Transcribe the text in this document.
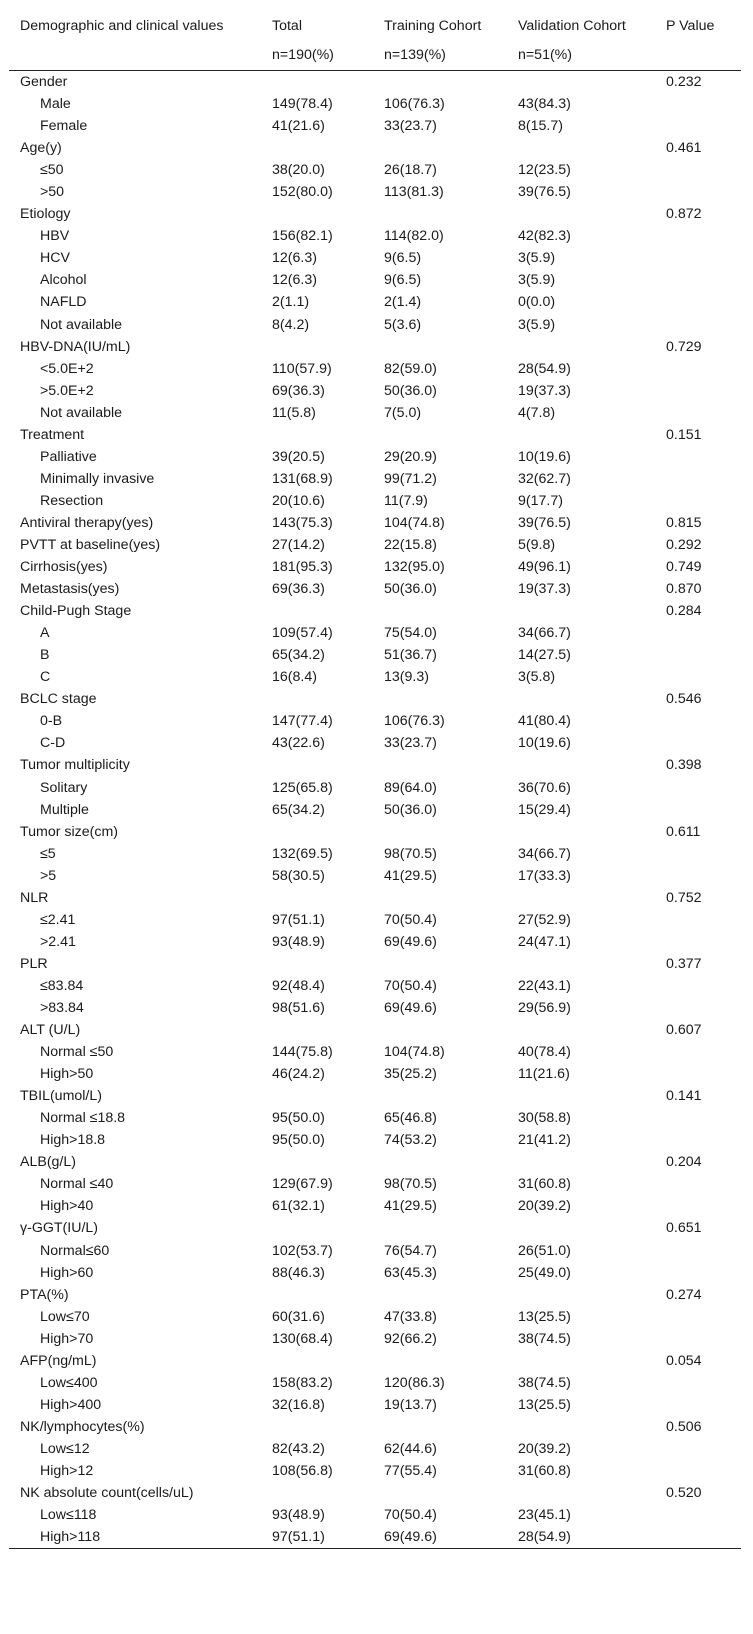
Demographic and clinical values	Total	Training Cohort	Validation Cohort	P Value
	n=190(%)	n=139(%)	n=51(%)	
Gender				0.232
Male	149(78.4)	106(76.3)	43(84.3)	
Female	41(21.6)	33(23.7)	8(15.7)	
Age(y)				0.461
≤50	38(20.0)	26(18.7)	12(23.5)	
>50	152(80.0)	113(81.3)	39(76.5)	
Etiology				0.872
HBV	156(82.1)	114(82.0)	42(82.3)	
HCV	12(6.3)	9(6.5)	3(5.9)	
Alcohol	12(6.3)	9(6.5)	3(5.9)	
NAFLD	2(1.1)	2(1.4)	0(0.0)	
Not available	8(4.2)	5(3.6)	3(5.9)	
HBV-DNA(IU/mL)				0.729
<5.0E+2	110(57.9)	82(59.0)	28(54.9)	
>5.0E+2	69(36.3)	50(36.0)	19(37.3)	
Not available	11(5.8)	7(5.0)	4(7.8)	
Treatment				0.151
Palliative	39(20.5)	29(20.9)	10(19.6)	
Minimally invasive	131(68.9)	99(71.2)	32(62.7)	
Resection	20(10.6)	11(7.9)	9(17.7)	
Antiviral therapy(yes)	143(75.3)	104(74.8)	39(76.5)	0.815
PVTT at baseline(yes)	27(14.2)	22(15.8)	5(9.8)	0.292
Cirrhosis(yes)	181(95.3)	132(95.0)	49(96.1)	0.749
Metastasis(yes)	69(36.3)	50(36.0)	19(37.3)	0.870
Child-Pugh Stage				0.284
A	109(57.4)	75(54.0)	34(66.7)	
B	65(34.2)	51(36.7)	14(27.5)	
C	16(8.4)	13(9.3)	3(5.8)	
BCLC stage				0.546
0-B	147(77.4)	106(76.3)	41(80.4)	
C-D	43(22.6)	33(23.7)	10(19.6)	
Tumor multiplicity				0.398
Solitary	125(65.8)	89(64.0)	36(70.6)	
Multiple	65(34.2)	50(36.0)	15(29.4)	
Tumor size(cm)				0.611
≤5	132(69.5)	98(70.5)	34(66.7)	
>5	58(30.5)	41(29.5)	17(33.3)	
NLR				0.752
≤2.41	97(51.1)	70(50.4)	27(52.9)	
>2.41	93(48.9)	69(49.6)	24(47.1)	
PLR				0.377
≤83.84	92(48.4)	70(50.4)	22(43.1)	
>83.84	98(51.6)	69(49.6)	29(56.9)	
ALT (U/L)				0.607
Normal ≤50	144(75.8)	104(74.8)	40(78.4)	
High>50	46(24.2)	35(25.2)	11(21.6)	
TBIL(umol/L)				0.141
Normal ≤18.8	95(50.0)	65(46.8)	30(58.8)	
High>18.8	95(50.0)	74(53.2)	21(41.2)	
ALB(g/L)				0.204
Normal ≤40	129(67.9)	98(70.5)	31(60.8)	
High>40	61(32.1)	41(29.5)	20(39.2)	
γ-GGT(IU/L)				0.651
Normal≤60	102(53.7)	76(54.7)	26(51.0)	
High>60	88(46.3)	63(45.3)	25(49.0)	
PTA(%)				0.274
Low≤70	60(31.6)	47(33.8)	13(25.5)	
High>70	130(68.4)	92(66.2)	38(74.5)	
AFP(ng/mL)				0.054
Low≤400	158(83.2)	120(86.3)	38(74.5)	
High>400	32(16.8)	19(13.7)	13(25.5)	
NK/lymphocytes(%)				0.506
Low≤12	82(43.2)	62(44.6)	20(39.2)	
High>12	108(56.8)	77(55.4)	31(60.8)	
NK absolute count(cells/uL)				0.520
Low≤118	93(48.9)	70(50.4)	23(45.1)	
High>118	97(51.1)	69(49.6)	28(54.9)	
